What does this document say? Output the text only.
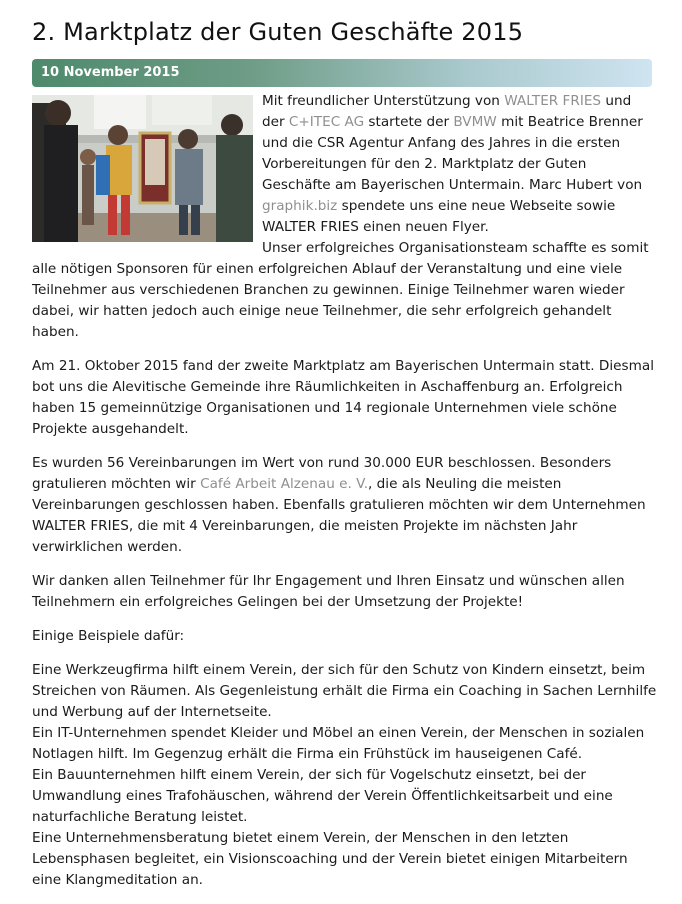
2. Marktplatz der Guten Geschäfte 2015
10 November 2015

Mit freundlicher Unterstützung von WALTER FRIES und der C+ITEC AG startete der BVMW mit Beatrice Brenner und die CSR Agentur Anfang des Jahres in die ersten Vorbereitungen für den 2. Marktplatz der Guten Geschäfte am Bayerischen Untermain. Marc Hubert von graphik.biz spendete uns eine neue Webseite sowie WALTER FRIES einen neuen Flyer.

Unser erfolgreiches Organisationsteam schaffte es somit alle nötigen Sponsoren für einen erfolgreichen Ablauf der Veranstaltung und eine viele Teilnehmer aus verschiedenen Branchen zu gewinnen. Einige Teilnehmer waren wieder dabei, wir hatten jedoch auch einige neue Teilnehmer, die sehr erfolgreich gehandelt haben.

Am 21. Oktober 2015 fand der zweite Marktplatz am Bayerischen Untermain statt. Diesmal bot uns die Alevitische Gemeinde ihre Räumlichkeiten in Aschaffenburg an. Erfolgreich haben 15 gemeinnützige Organisationen und 14 regionale Unternehmen viele schöne Projekte ausgehandelt.

Es wurden 56 Vereinbarungen im Wert von rund 30.000 EUR beschlossen. Besonders gratulieren möchten wir Café Arbeit Alzenau e. V., die als Neuling die meisten Vereinbarungen geschlossen haben. Ebenfalls gratulieren möchten wir dem Unternehmen WALTER FRIES, die mit 4 Vereinbarungen, die meisten Projekte im nächsten Jahr verwirklichen werden.

Wir danken allen Teilnehmer für Ihr Engagement und Ihren Einsatz und wünschen allen Teilnehmern ein erfolgreiches Gelingen bei der Umsetzung der Projekte!

Einige Beispiele dafür:

Eine Werkzeugfirma hilft einem Verein, der sich für den Schutz von Kindern einsetzt, beim Streichen von Räumen. Als Gegenleistung erhält die Firma ein Coaching in Sachen Lernhilfe und Werbung auf der Internetseite.
Ein IT-Unternehmen spendet Kleider und Möbel an einen Verein, der Menschen in sozialen Notlagen hilft. Im Gegenzug erhält die Firma ein Frühstück im hauseigenen Café.
Ein Bauunternehmen hilft einem Verein, der sich für Vogelschutz einsetzt, bei der Umwandlung eines Trafohäuschen, während der Verein Öffentlichkeitsarbeit und eine naturfachliche Beratung leistet.
Eine Unternehmensberatung bietet einem Verein, der Menschen in den letzten Lebensphasen begleitet, ein Visionscoaching und der Verein bietet einigen Mitarbeitern eine Klangmeditation an.
